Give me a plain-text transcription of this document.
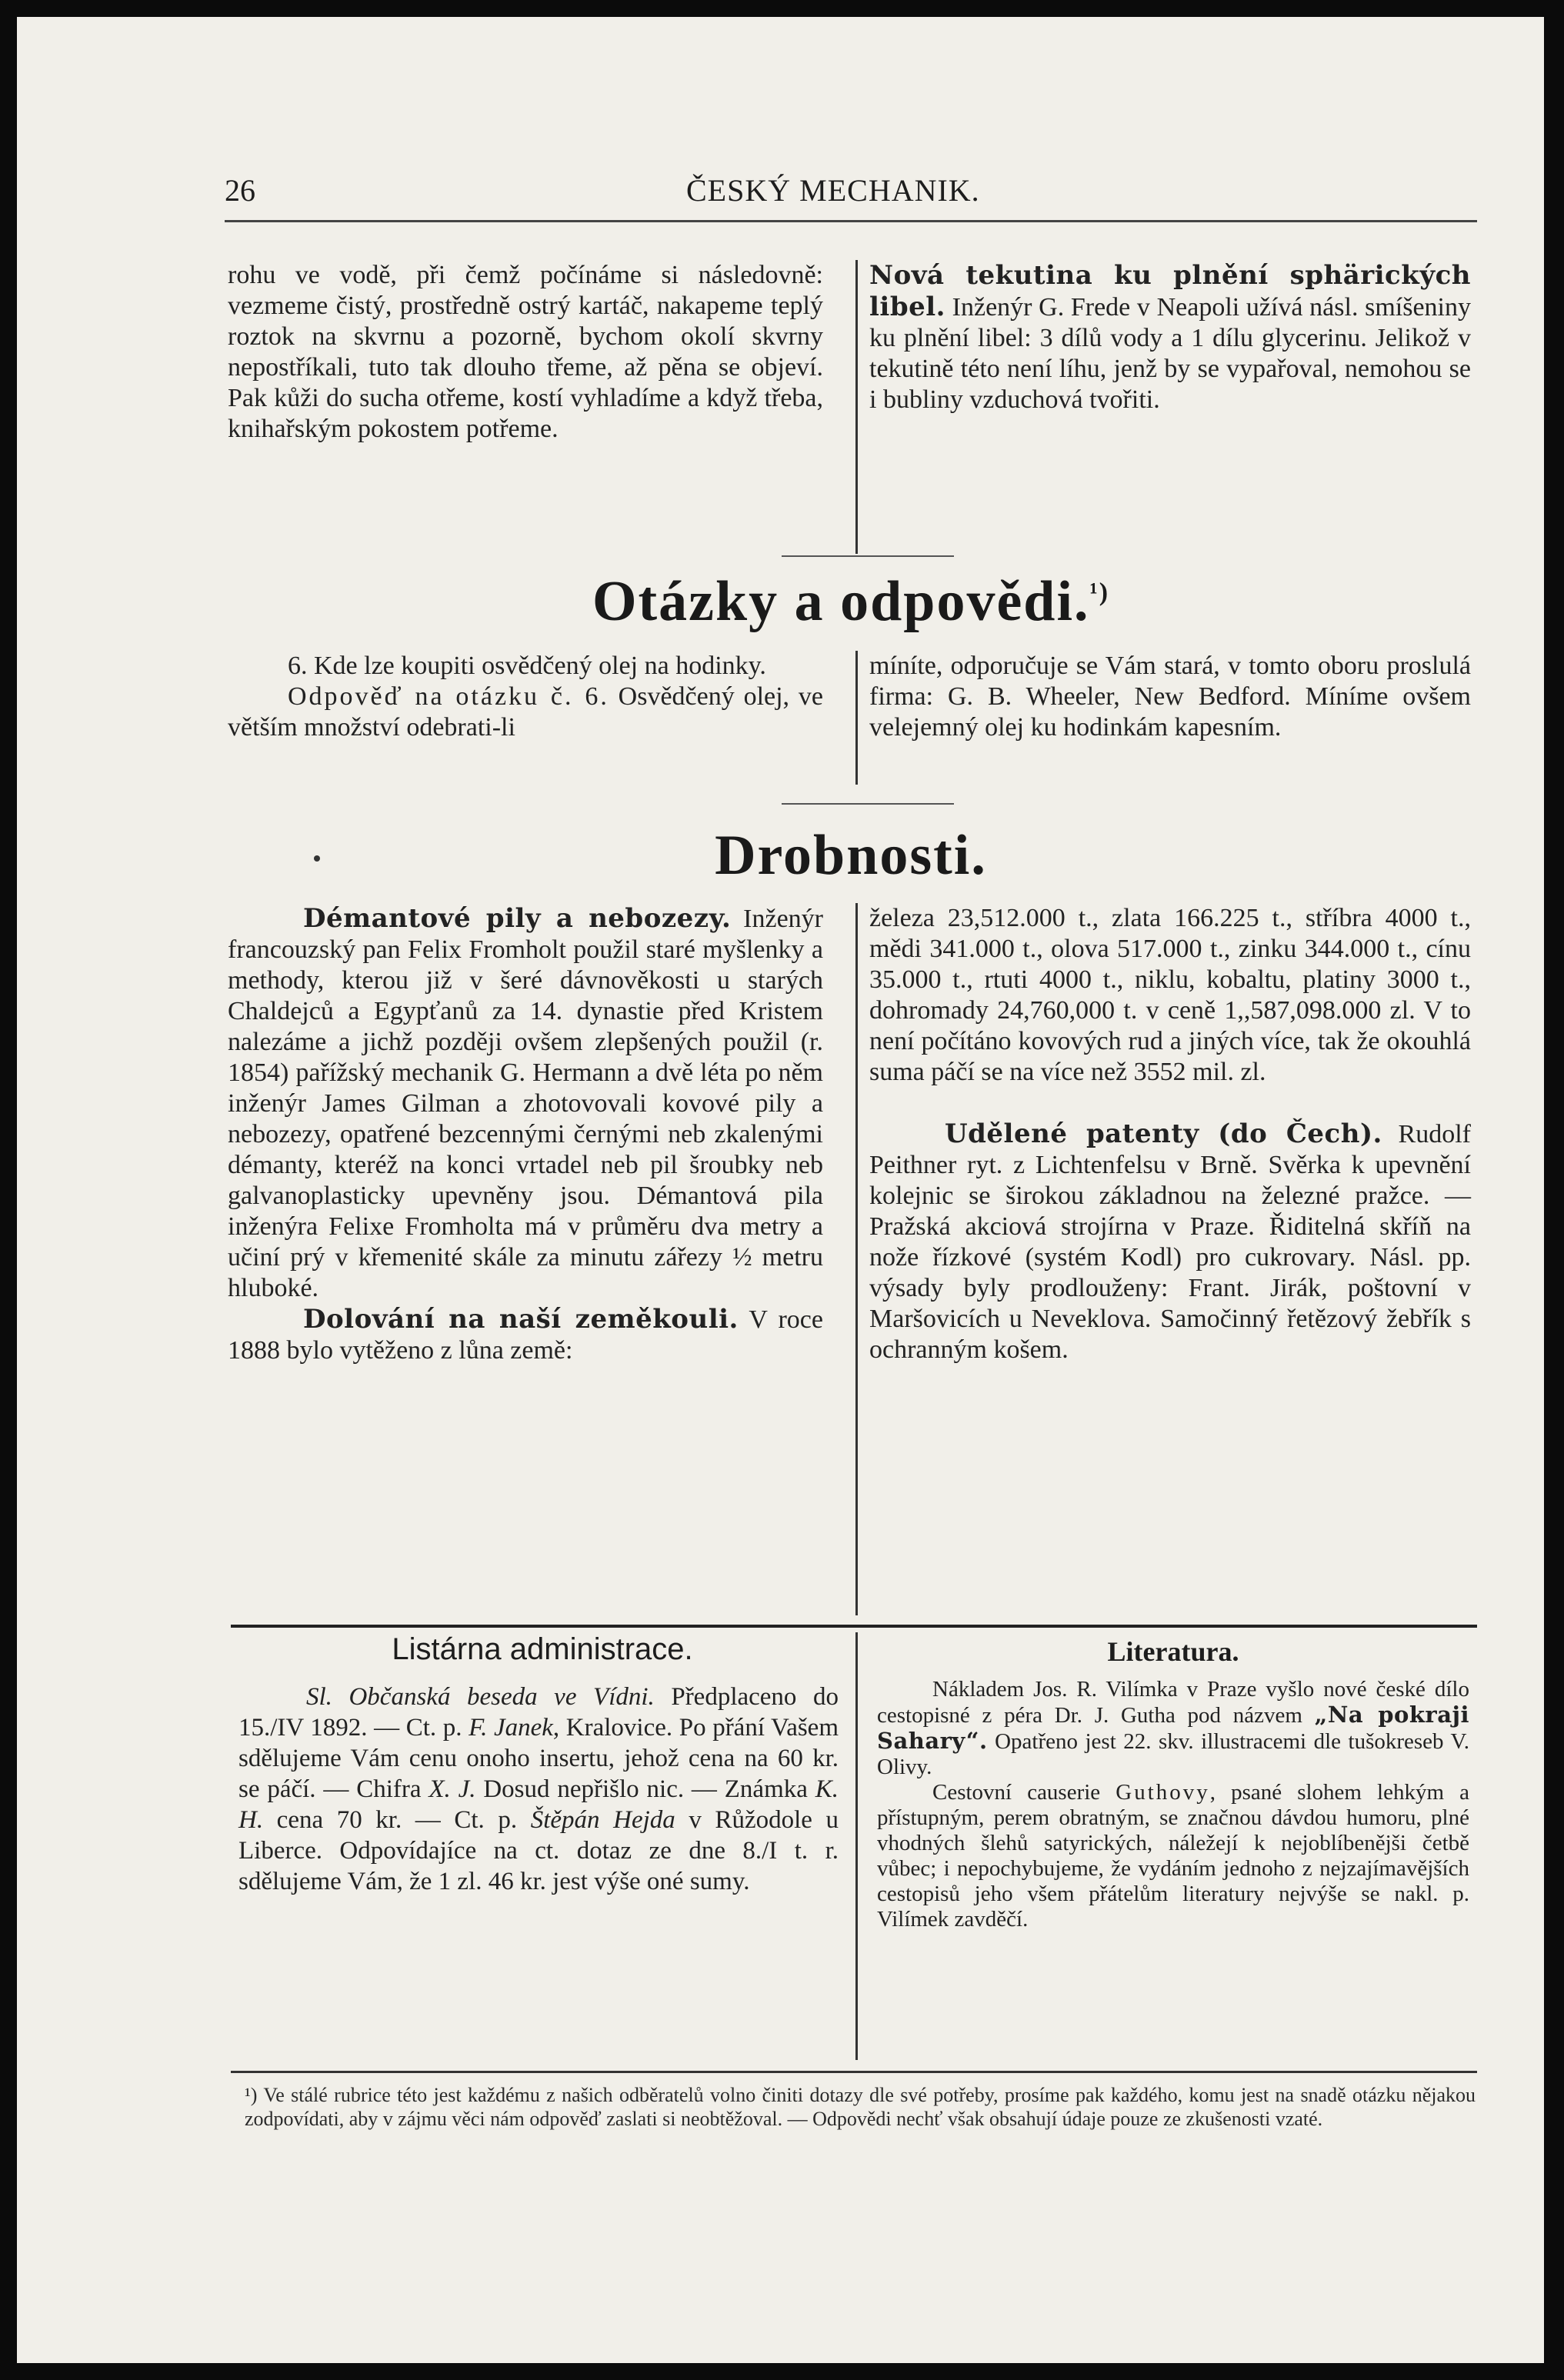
26	ČESKÝ MECHANIK.

rohu ve vodě, při čemž počínáme si následovně: vezmeme čistý, prostředně ostrý kartáč, nakapeme teplý roztok na skvrnu a pozorně, bychom okolí skvrny nepostříkali, tuto tak dlouho třeme, až pěna se objeví. Pak kůži do sucha otřeme, kostí vyhladíme a když třeba, knihařským pokostem potřeme.

Nová tekutina ku plnění sphärických libel. Inženýr G. Frede v Neapoli užívá násl. smíšeniny ku plnění libel: 3 dílů vody a 1 dílu glycerinu. Jelikož v tekutině této není líhu, jenž by se vypařoval, nemohou se i bubliny vzduchová tvořiti.

Otázky a odpovědi.$^{^1)}$

6. Kde lze koupiti osvědčený olej na hodinky.

Odpověď na otázku č. 6. Osvědčený olej, ve větším množství odebrati-li

míníte, odporučuje se Vám stará, v tomto oboru proslulá firma: G. B. Wheeler, New Bedford. Míníme ovšem velejemný olej ku hodinkám kapesním.

Drobnosti.

Démantové pily a nebozezy. Inženýr francouzský pan Felix Fromholt použil staré myšlenky a methody, kterou již v šeré dávnověkosti u starých Chaldejců a Egypťanů za 14. dynastie před Kristem nalezáme a jichž později ovšem zlepšených použil (r. 1854) pařížský mechanik G. Hermann a dvě léta po něm inženýr James Gilman a zhotovovali kovové pily a nebozezy, opatřené bezcennými černými neb zkalenými démanty, kteréž na konci vrtadel neb pil šroubky neb galvanoplasticky upevněny jsou. Démantová pila inženýra Felixe Fromholta má v průměru dva metry a učiní prý v křemenité skále za minutu zářezy ½ metru hluboké.

Dolování na naší zeměkouli. V roce 1888 bylo vytěženo z lůna země:

železa 23,512.000 t., zlata 166.225 t., stříbra 4000 t., mědi 341.000 t., olova 517.000 t., zinku 344.000 t., cínu 35.000 t., rtuti 4000 t., niklu, kobaltu, platiny 3000 t., dohromady 24,760,000 t. v ceně 1,,587,098.000 zl. V to není počítáno kovových rud a jiných více, tak že okouhlá suma páčí se na více než 3552 mil. zl.

Udělené patenty (do Čech). Rudolf Peithner ryt. z Lichtenfelsu v Brně. Svěrka k upevnění kolejnic se širokou základnou na železné pražce. — Pražská akciová strojírna v Praze. Řiditelná skříň na nože řízkové (systém Kodl) pro cukrovary. Násl. pp. výsady byly prodlouženy: Frant. Jirák, poštovní v Maršovicích u Neveklova. Samočinný řetězový žebřík s ochranným košem.

Listárna administrace.

Sl. Občanská beseda ve Vídni. Předplaceno do 15./IV 1892. — Ct. p. F. Janek, Kralovice. Po přání Vašem sdělujeme Vám cenu onoho insertu, jehož cena na 60 kr. se páčí. — Chifra X. J. Dosud nepřišlo nic. — Známka K. H. cena 70 kr. — Ct. p. Štěpán Hejda v Růžodole u Liberce. Odpovídajíce na ct. dotaz ze dne 8./I t. r. sdělujeme Vám, že 1 zl. 46 kr. jest výše oné sumy.

Literatura.

Nákladem Jos. R. Vilímka v Praze vyšlo nové české dílo cestopisné z péra Dr. J. Gutha pod názvem „Na pokraji Sahary“. Opatřeno jest 22. skv. illustracemi dle tušokreseb V. Olivy.

Cestovní causerie Guthovy, psané slohem lehkým a přístupným, perem obratným, se značnou dávdou humoru, plné vhodných šlehů satyrických, náležejí k nejoblíbenějši četbě vůbec; i nepochybujeme, že vydáním jednoho z nejzajímavějších cestopisů jeho všem přátelům literatury nejvýše se nakl. p. Vilímek zavděčí.

¹) Ve stálé rubrice této jest každému z našich odběratelů volno činiti dotazy dle své potřeby, prosíme pak každého, komu jest na snadě otázku nějakou zodpovídati, aby v zájmu věci nám odpověď zaslati si neobtěžoval. — Odpovědi nechť však obsahují údaje pouze ze zkušenosti vzaté.
